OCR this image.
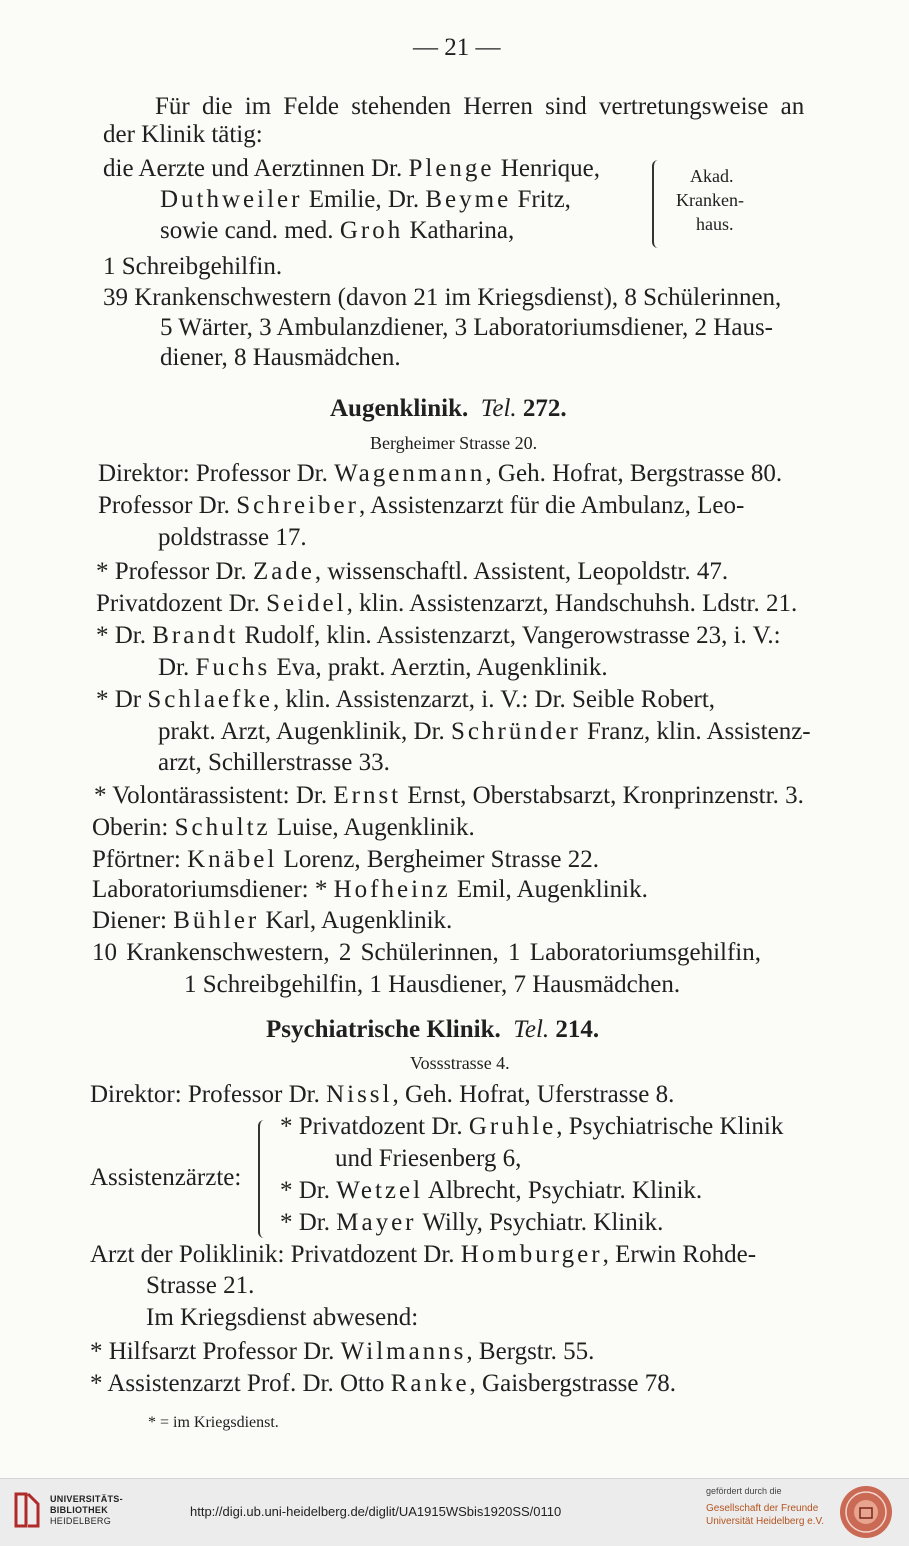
— 21 —
Für die im Felde stehenden Herren sind vertretungsweise an
der Klinik tätig:
die Aerzte und Aerztinnen Dr. Plenge Henrique,
Duthweiler Emilie, Dr. Beyme Fritz,
sowie cand. med. Groh Katharina,
Akad.
Kranken-
haus.
1 Schreibgehilfin.
39 Krankenschwestern (davon 21 im Kriegsdienst), 8 Schülerinnen,
5 Wärter, 3 Ambulanzdiener, 3 Laboratoriumsdiener, 2 Haus-
diener, 8 Hausmädchen.
Augenklinik. Tel. 272.
Bergheimer Strasse 20.
Direktor: Professor Dr. Wagenmann, Geh. Hofrat, Bergstrasse 80.
Professor Dr. Schreiber, Assistenzarzt für die Ambulanz, Leo-
poldstrasse 17.
* Professor Dr. Zade, wissenschaftl. Assistent, Leopoldstr. 47.
Privatdozent Dr. Seidel, klin. Assistenzarzt, Handschuhsh. Ldstr. 21.
* Dr. Brandt Rudolf, klin. Assistenzarzt, Vangerowstrasse 23, i. V.:
Dr. Fuchs Eva, prakt. Aerztin, Augenklinik.
* Dr Schlaefke, klin. Assistenzarzt, i. V.: Dr. Seible Robert,
prakt. Arzt, Augenklinik, Dr. Schründer Franz, klin. Assistenz-
arzt, Schillerstrasse 33.
* Volontärassistent: Dr. Ernst Ernst, Oberstabsarzt, Kronprinzenstr. 3.
Oberin: Schultz Luise, Augenklinik.
Pförtner: Knäbel Lorenz, Bergheimer Strasse 22.
Laboratoriumsdiener: * Hofheinz Emil, Augenklinik.
Diener: Bühler Karl, Augenklinik.
10 Krankenschwestern, 2 Schülerinnen, 1 Laboratoriumsgehilfin,
1 Schreibgehilfin, 1 Hausdiener, 7 Hausmädchen.
Psychiatrische Klinik. Tel. 214.
Vossstrasse 4.
Direktor: Professor Dr. Nissl, Geh. Hofrat, Uferstrasse 8.
Assistenzärzte:
* Privatdozent Dr. Gruhle, Psychiatrische Klinik
und Friesenberg 6,
* Dr. Wetzel Albrecht, Psychiatr. Klinik.
* Dr. Mayer Willy, Psychiatr. Klinik.
Arzt der Poliklinik: Privatdozent Dr. Homburger, Erwin Rohde-
Strasse 21.
Im Kriegsdienst abwesend:
* Hilfsarzt Professor Dr. Wilmanns, Bergstr. 55.
* Assistenzarzt Prof. Dr. Otto Ranke, Gaisbergstrasse 78.
* = im Kriegsdienst.
UNIVERSITÄTS-
BIBLIOTHEK
HEIDELBERG
http://digi.ub.uni-heidelberg.de/diglit/UA1915WSbis1920SS/0110
gefördert durch die
Gesellschaft der Freunde
Universität Heidelberg e.V.
